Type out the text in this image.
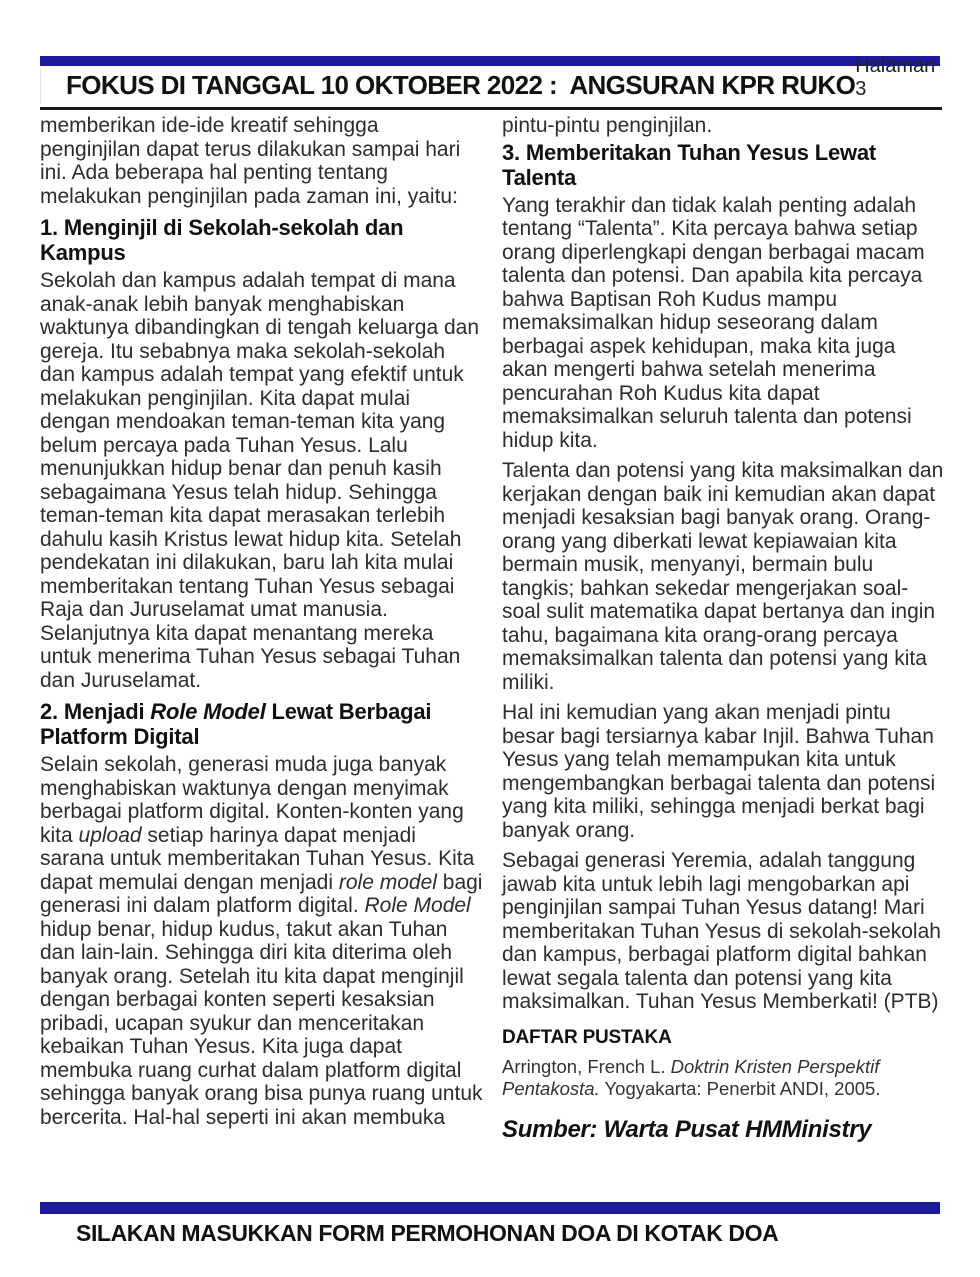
FOKUS DI TANGGAL 10 OKTOBER 2022 :  ANGSURAN KPR RUKO
Halaman 3

memberikan ide-ide kreatif sehingga penginjilan dapat terus dilakukan sampai hari ini. Ada beberapa hal penting tentang melakukan penginjilan pada zaman ini, yaitu:

1. Menginjil di Sekolah-sekolah dan Kampus

Sekolah dan kampus adalah tempat di mana anak-anak lebih banyak menghabiskan waktunya dibandingkan di tengah keluarga dan gereja. Itu sebabnya maka sekolah-sekolah dan kampus adalah tempat yang efektif untuk melakukan penginjilan. Kita dapat mulai dengan mendoakan teman-teman kita yang belum percaya pada Tuhan Yesus. Lalu menunjukkan hidup benar dan penuh kasih sebagaimana Yesus telah hidup. Sehingga teman-teman kita dapat merasakan terlebih dahulu kasih Kristus lewat hidup kita. Setelah pendekatan ini dilakukan, baru lah kita mulai memberitakan tentang Tuhan Yesus sebagai Raja dan Juruselamat umat manusia. Selanjutnya kita dapat menantang mereka untuk menerima Tuhan Yesus sebagai Tuhan dan Juruselamat.

2. Menjadi Role Model Lewat Berbagai Platform Digital

Selain sekolah, generasi muda juga banyak menghabiskan waktunya dengan menyimak berbagai platform digital. Konten-konten yang kita upload setiap harinya dapat menjadi sarana untuk memberitakan Tuhan Yesus. Kita dapat memulai dengan menjadi role model bagi generasi ini dalam platform digital. Role Model hidup benar, hidup kudus, takut akan Tuhan dan lain-lain. Sehingga diri kita diterima oleh banyak orang. Setelah itu kita dapat menginjil dengan berbagai konten seperti kesaksian pribadi, ucapan syukur dan menceritakan kebaikan Tuhan Yesus. Kita juga dapat membuka ruang curhat dalam platform digital sehingga banyak orang bisa punya ruang untuk bercerita. Hal-hal seperti ini akan membuka

pintu-pintu penginjilan.

3. Memberitakan Tuhan Yesus Lewat Talenta

Yang terakhir dan tidak kalah penting adalah tentang “Talenta”. Kita percaya bahwa setiap orang diperlengkapi dengan berbagai macam talenta dan potensi. Dan apabila kita percaya bahwa Baptisan Roh Kudus mampu memaksimalkan hidup seseorang dalam berbagai aspek kehidupan, maka kita juga akan mengerti bahwa setelah menerima pencurahan Roh Kudus kita dapat memaksimalkan seluruh talenta dan potensi hidup kita.

Talenta dan potensi yang kita maksimalkan dan kerjakan dengan baik ini kemudian akan dapat menjadi kesaksian bagi banyak orang. Orang-orang yang diberkati lewat kepiawaian kita bermain musik, menyanyi, bermain bulu tangkis; bahkan sekedar mengerjakan soal-soal sulit matematika dapat bertanya dan ingin tahu, bagaimana kita orang-orang percaya memaksimalkan talenta dan potensi yang kita miliki.

Hal ini kemudian yang akan menjadi pintu besar bagi tersiarnya kabar Injil. Bahwa Tuhan Yesus yang telah memampukan kita untuk mengembangkan berbagai talenta dan potensi yang kita miliki, sehingga menjadi berkat bagi banyak orang.

Sebagai generasi Yeremia, adalah tanggung jawab kita untuk lebih lagi mengobarkan api penginjilan sampai Tuhan Yesus datang! Mari memberitakan Tuhan Yesus di sekolah-sekolah dan kampus, berbagai platform digital bahkan lewat segala talenta dan potensi yang kita maksimalkan. Tuhan Yesus Memberkati! (PTB)

DAFTAR PUSTAKA

Arrington, French L. Doktrin Kristen Perspektif Pentakosta. Yogyakarta: Penerbit ANDI, 2005.

Sumber: Warta Pusat HMMinistry

SILAKAN MASUKKAN FORM PERMOHONAN DOA DI KOTAK DOA
